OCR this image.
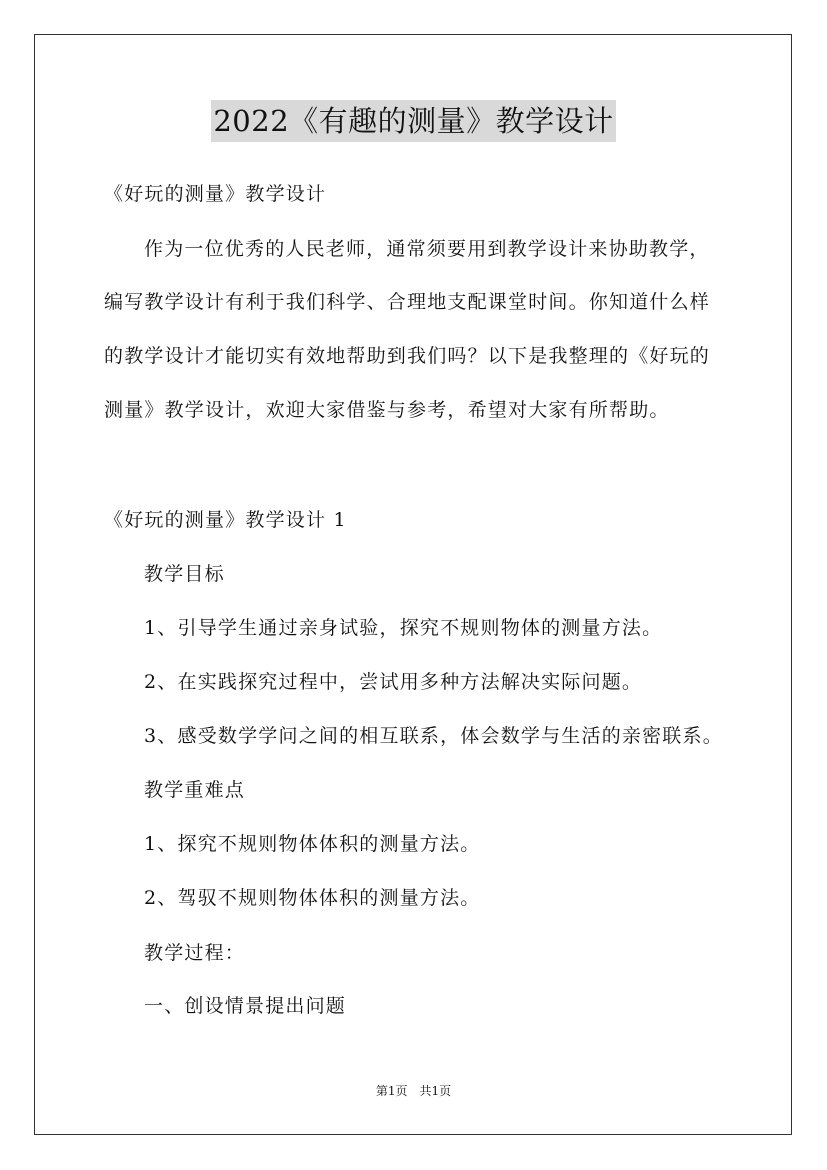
2022《有趣的测量》教学设计
《好玩的测量》教学设计
作为一位优秀的人民老师，通常须要用到教学设计来协助教学，
编写教学设计有利于我们科学、合理地支配课堂时间。你知道什么样
的教学设计才能切实有效地帮助到我们吗？以下是我整理的《好玩的
测量》教学设计，欢迎大家借鉴与参考，希望对大家有所帮助。
《好玩的测量》教学设计 1
教学目标
1、引导学生通过亲身试验，探究不规则物体的测量方法。
2、在实践探究过程中，尝试用多种方法解决实际问题。
3、感受数学学问之间的相互联系，体会数学与生活的亲密联系。
教学重难点
1、探究不规则物体体积的测量方法。
2、驾驭不规则物体体积的测量方法。
教学过程：
一、创设情景提出问题
第1页　共1页
